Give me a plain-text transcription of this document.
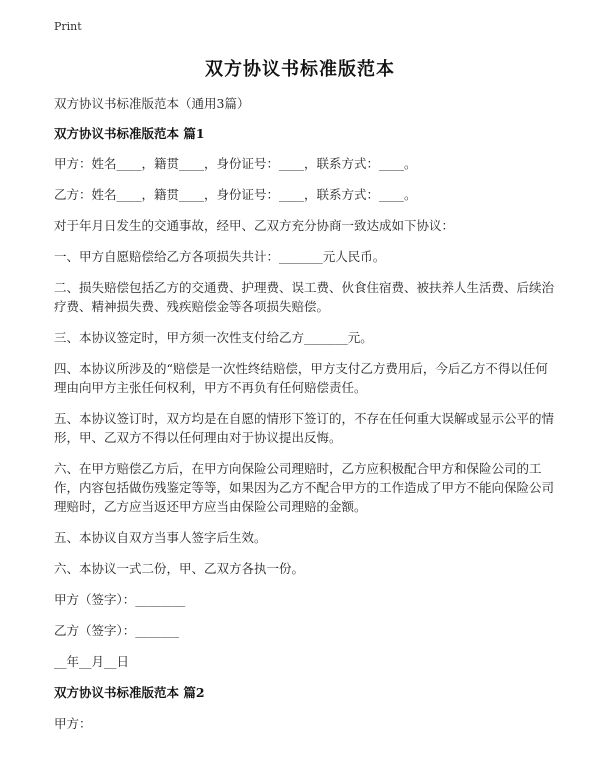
Print
双方协议书标准版范本

双方协议书标准版范本（通用3篇）

双方协议书标准版范本 篇1

甲方：姓名____，籍贯____，身份证号：____，联系方式：____。

乙方：姓名____，籍贯____，身份证号：____，联系方式：____。

对于年月日发生的交通事故，经甲、乙双方充分协商一致达成如下协议：

一、甲方自愿赔偿给乙方各项损失共计：_______元人民币。

二、损失赔偿包括乙方的交通费、护理费、误工费、伙食住宿费、被扶养人生活费、后续治疗费、精神损失费、残疾赔偿金等各项损失赔偿。

三、本协议签定时，甲方须一次性支付给乙方_______元。

四、本协议所涉及的“赔偿是一次性终结赔偿，甲方支付乙方费用后，今后乙方不得以任何理由向甲方主张任何权利，甲方不再负有任何赔偿责任。

五、本协议签订时，双方均是在自愿的情形下签订的，不存在任何重大误解或显示公平的情形，甲、乙双方不得以任何理由对于协议提出反悔。

六、在甲方赔偿乙方后，在甲方向保险公司理赔时，乙方应积极配合甲方和保险公司的工作，内容包括做伤残鉴定等等，如果因为乙方不配合甲方的工作造成了甲方不能向保险公司理赔时，乙方应当返还甲方应当由保险公司理赔的金额。

五、本协议自双方当事人签字后生效。

六、本协议一式二份，甲、乙双方各执一份。

甲方（签字）：________

乙方（签字）：_______

__年__月__日

双方协议书标准版范本 篇2

甲方：
